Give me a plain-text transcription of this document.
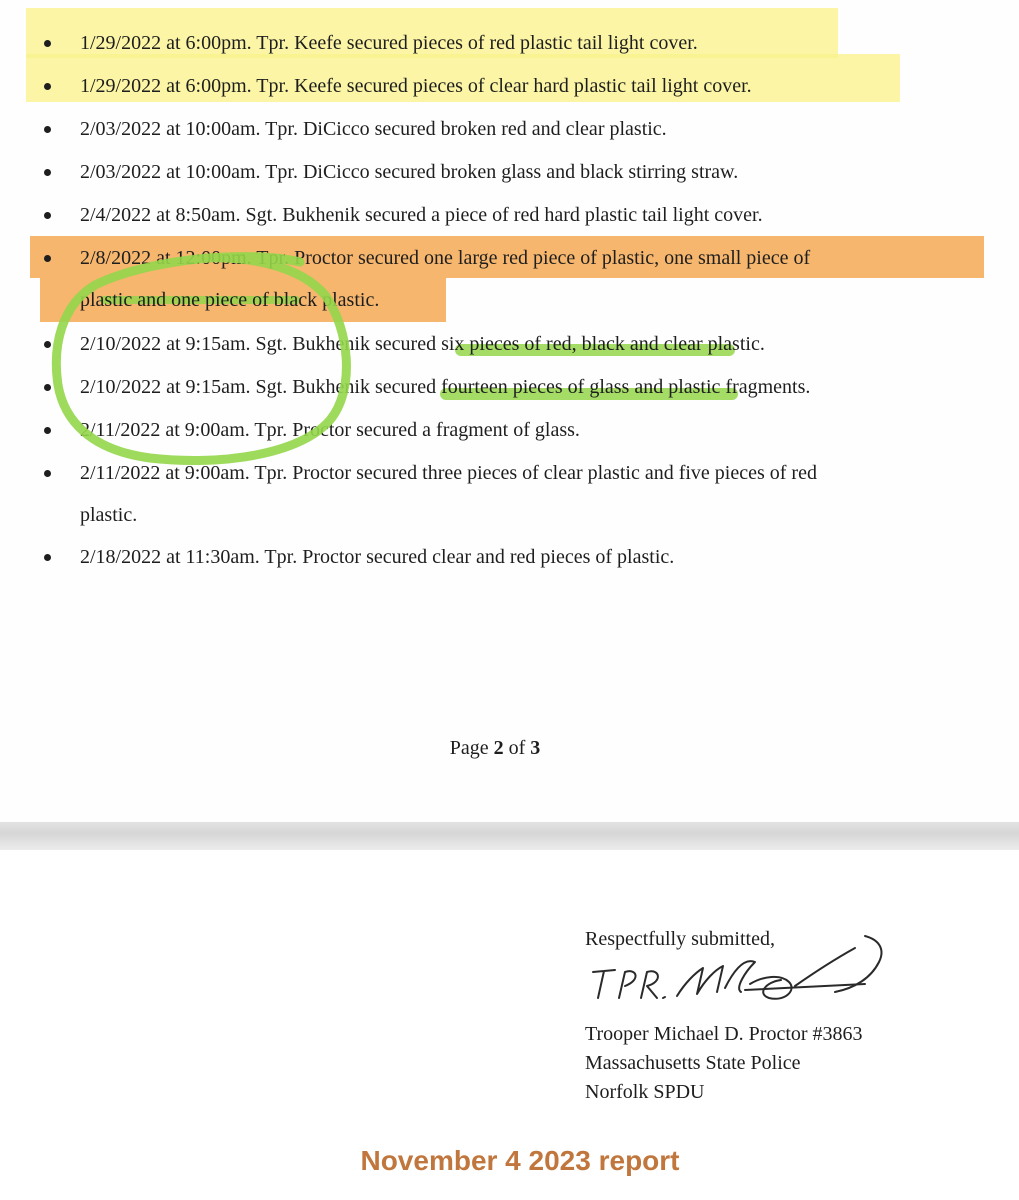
1/29/2022 at 6:00pm. Tpr. Keefe secured pieces of red plastic tail light cover.
1/29/2022 at 6:00pm. Tpr. Keefe secured pieces of clear hard plastic tail light cover.
2/03/2022 at 10:00am. Tpr. DiCicco secured broken red and clear plastic.
2/03/2022 at 10:00am. Tpr. DiCicco secured broken glass and black stirring straw.
2/4/2022 at 8:50am. Sgt. Bukhenik secured a piece of red hard plastic tail light cover.
2/8/2022 at 12:00pm. Tpr. Proctor secured one large red piece of plastic, one small piece of
plastic and one piece of black plastic.
2/10/2022 at 9:15am. Sgt. Bukhenik secured six pieces of red, black and clear plastic.
2/10/2022 at 9:15am. Sgt. Bukhenik secured fourteen pieces of glass and plastic fragments.
2/11/2022 at 9:00am. Tpr. Proctor secured a fragment of glass.
2/11/2022 at 9:00am. Tpr. Proctor secured three pieces of clear plastic and five pieces of red
plastic.
2/18/2022 at 11:30am. Tpr. Proctor secured clear and red pieces of plastic.
Page 2 of 3
Respectfully submitted,
Trooper Michael D. Proctor #3863
Massachusetts State Police
Norfolk SPDU
November 4 2023 report
